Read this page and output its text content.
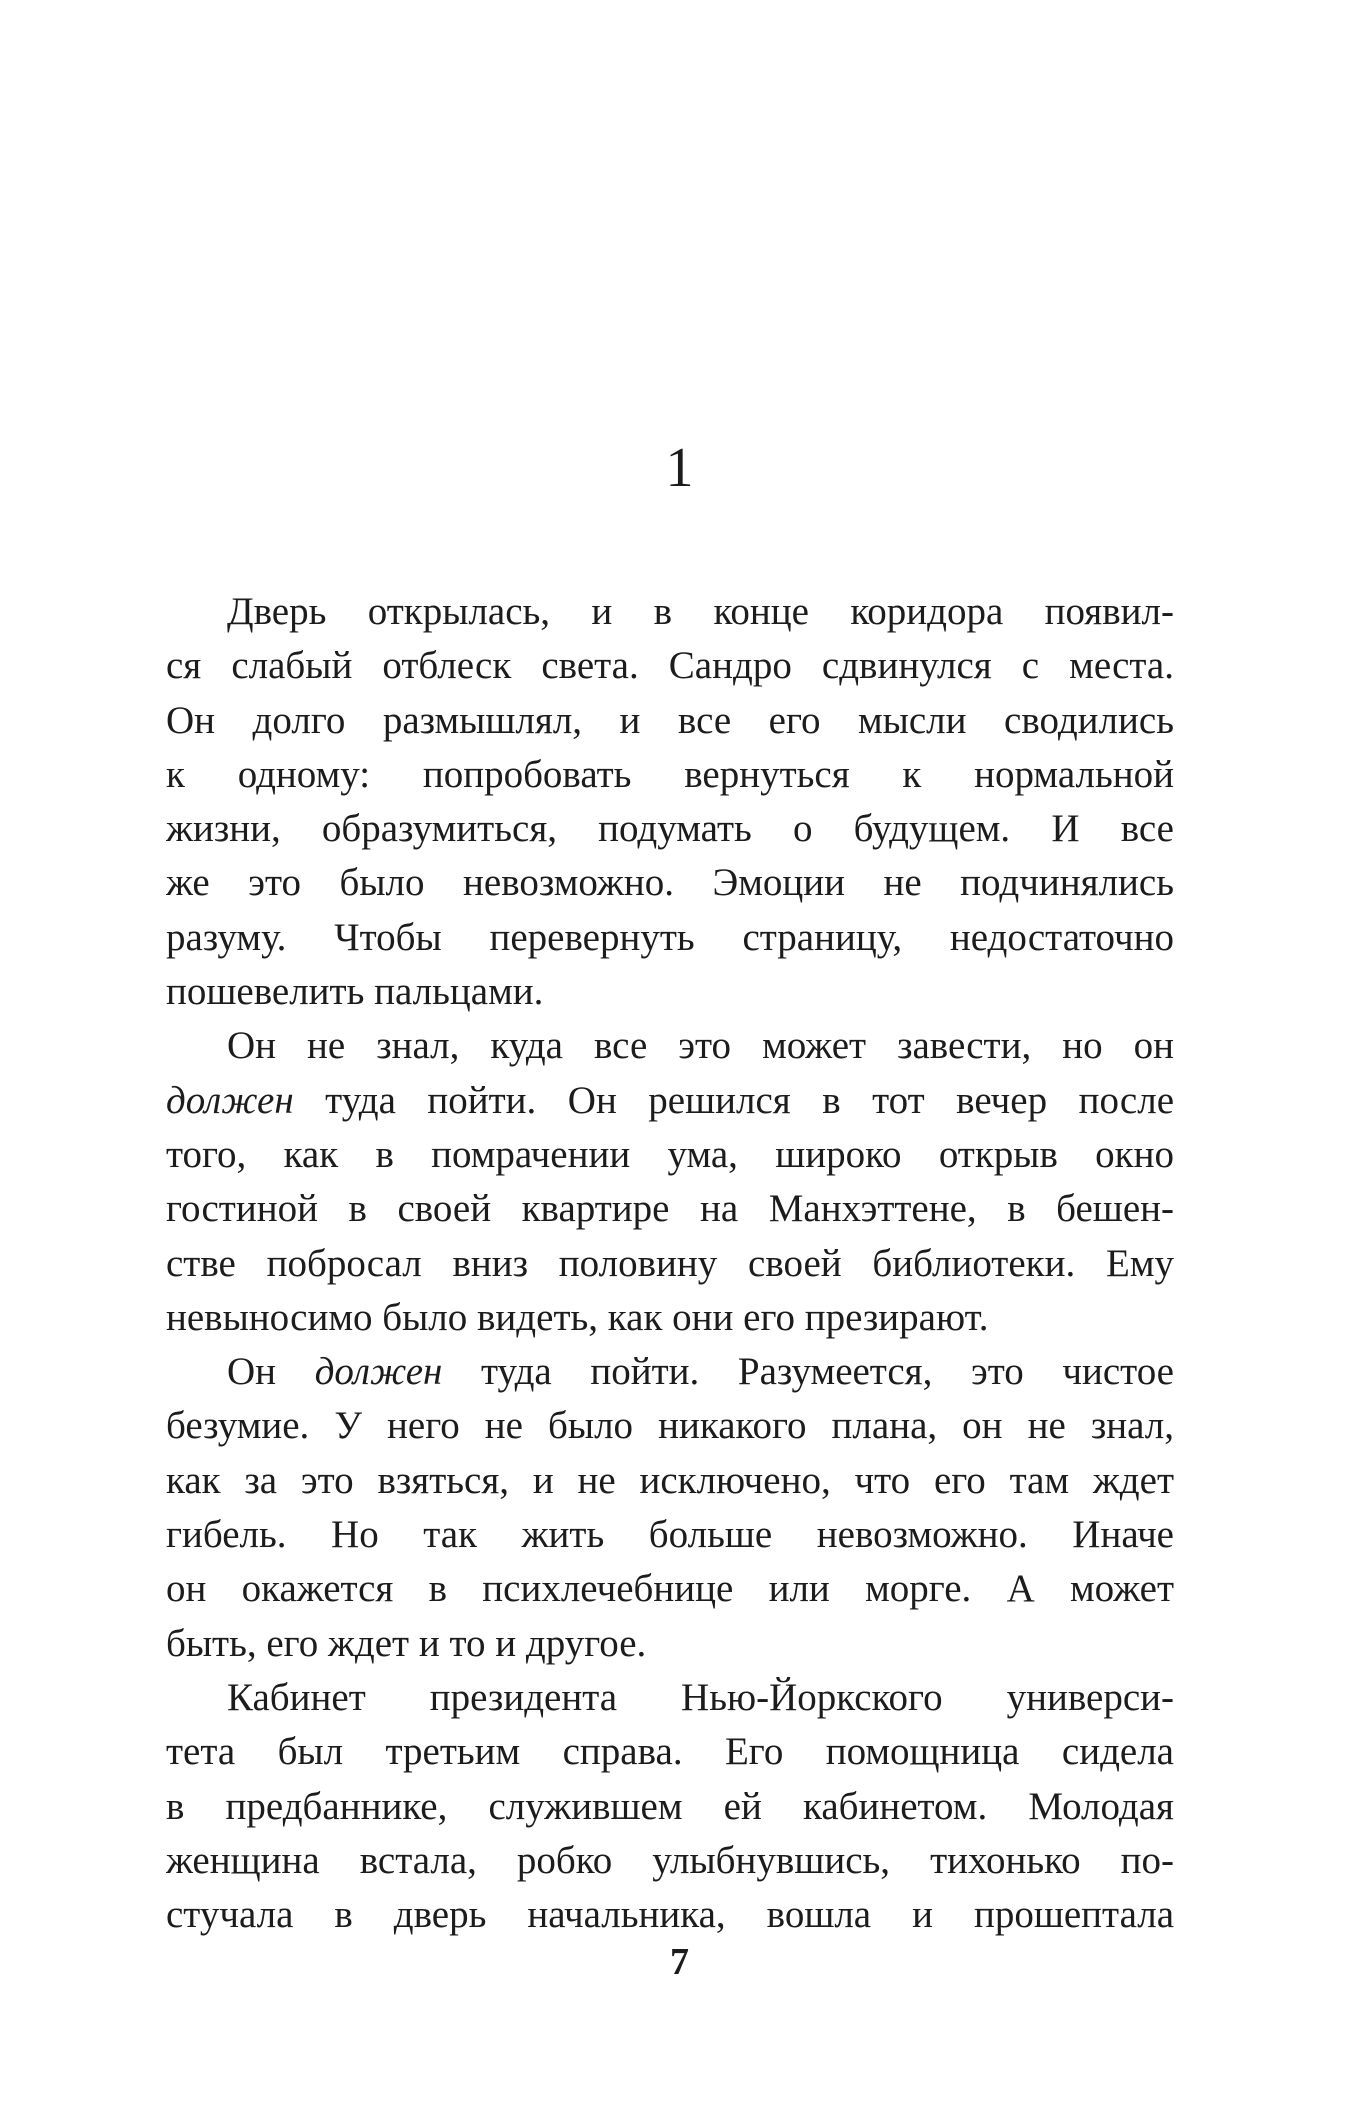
1
Дверь открылась, и в конце коридора появил-
ся слабый отблеск света. Сандро сдвинулся с места.
Он долго размышлял, и все его мысли сводились
к одному: попробовать вернуться к нормальной
жизни, образумиться, подумать о будущем. И все
же это было невозможно. Эмоции не подчинялись
разуму. Чтобы перевернуть страницу, недостаточно
пошевелить пальцами.
Он не знал, куда все это может завести, но он
должен туда пойти. Он решился в тот вечер после
того, как в помрачении ума, широко открыв окно
гостиной в своей квартире на Манхэттене, в бешен-
стве побросал вниз половину своей библиотеки. Ему
невыносимо было видеть, как они его презирают.
Он должен туда пойти. Разумеется, это чистое
безумие. У него не было никакого плана, он не знал,
как за это взяться, и не исключено, что его там ждет
гибель. Но так жить больше невозможно. Иначе
он окажется в психлечебнице или морге. А может
быть, его ждет и то и другое.
Кабинет президента Нью-Йоркского универси-
тета был третьим справа. Его помощница сидела
в предбаннике, служившем ей кабинетом. Молодая
женщина встала, робко улыбнувшись, тихонько по-
стучала в дверь начальника, вошла и прошептала
7
